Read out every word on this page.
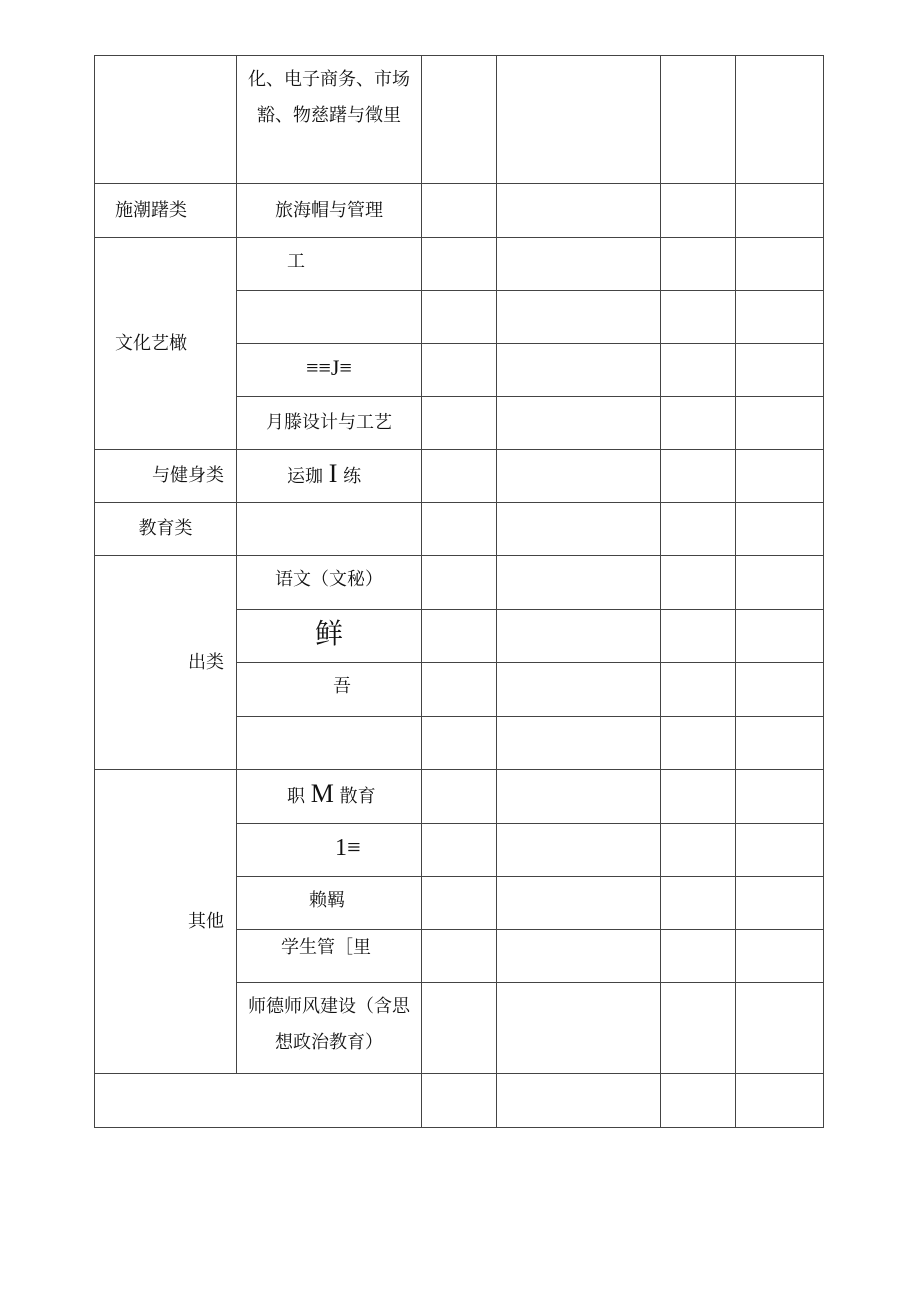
	化、电子商务、市场
豁、物慈躇与徵里				

施潮躇类	旅海帽与管理				
文化艺橄	工				

	≡≡J≡				
	月滕设计与工艺				
与健身类	运珈 I 练				
教育类					
出类	语文（文秘）				
	鲜				
	吾				

其他	职 M 散育				
	1≡				
	赖羁				
	学生管［里				

	师德师风建设（含思
想政治教育）				
